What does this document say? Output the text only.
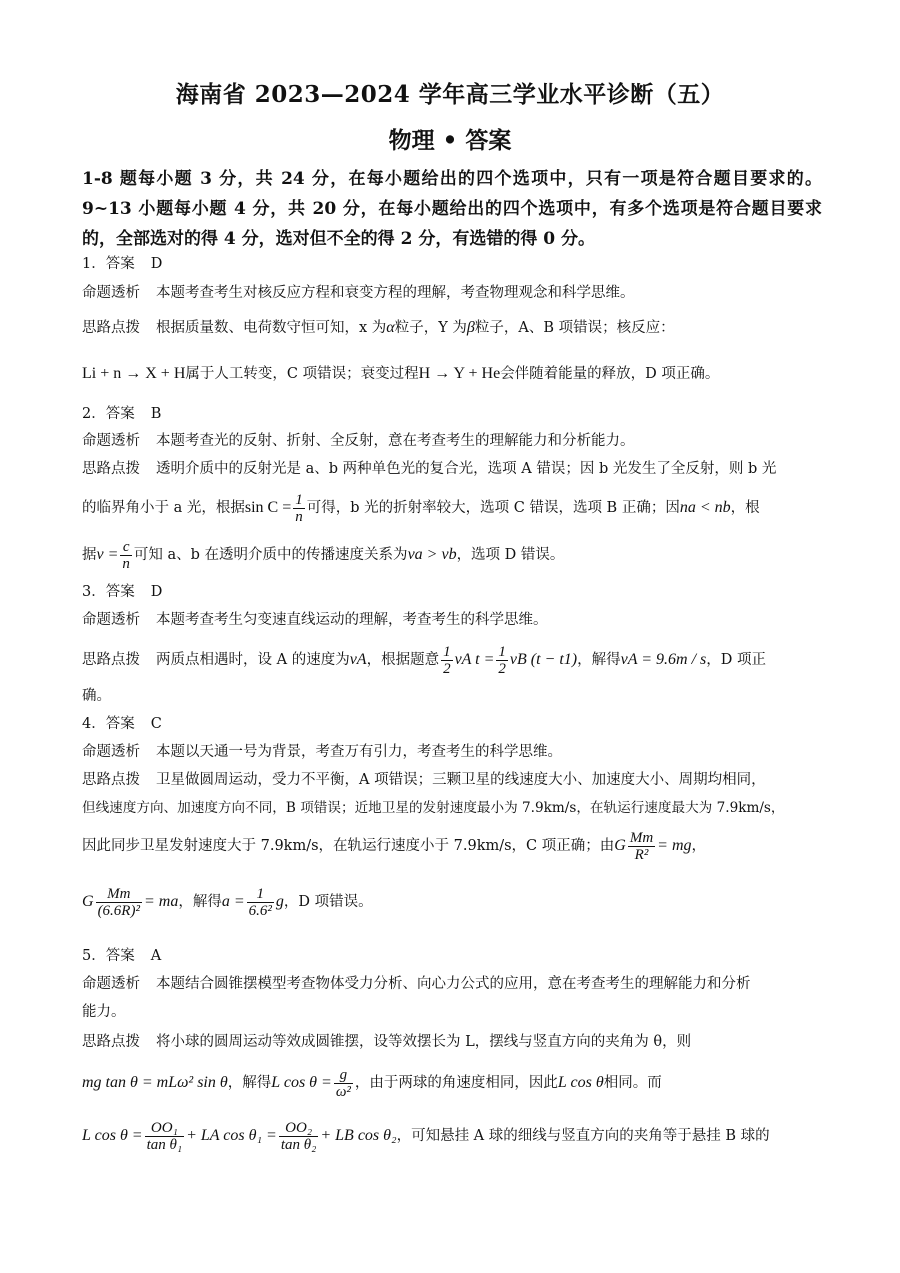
海南省 2023—2024 学年高三学业水平诊断（五）
物理 • 答案

1-8 题每小题 3 分，共 24 分，在每小题给出的四个选项中，只有一项是符合题目要求的。9~13 小题每小题 4 分，共 20 分，在每小题给出的四个选项中，有多个选项是符合题目要求的，全部选对的得 4 分，选对但不全的得 2 分，有选错的得 0 分。

1．答案 D
命题透析 本题考查考生对核反应方程和衰变方程的理解，考查物理观念和科学思维。
思路点拨 根据质量数、电荷数守恒可知，x 为α粒子，Y 为β粒子，A、B 项错误；核反应：
Li + n → X + H属于人工转变，C 项错误；衰变过程H → Y + He会伴随着能量的释放，D 项正确。
2．答案 B
命题透析 本题考查光的反射、折射、全反射，意在考查考生的理解能力和分析能力。
思路点拨 透明介质中的反射光是 a、b 两种单色光的复合光，选项 A 错误；因 b 光发生了全反射，则 b 光
的临界角小于 a 光，根据$\sin C = \frac{1}{n}$ 可得，b 光的折射率较大，选项 C 错误，选项 B 正确；因na < nb，根
据$v = \frac{c}{n}$ 可知 a、b 在透明介质中的传播速度关系为va > vb，选项 D 错误。
3．答案 D
命题透析 本题考查考生匀变速直线运动的理解，考查考生的科学思维。
思路点拨 两质点相遇时，设 A 的速度为vA，根据题意 $\frac{1}{2}$ vA $t = \frac{1}{2}$ vB (t − t1)，解得vA = 9.6m / s，D 项正
确。
4．答案 C
命题透析 本题以天通一号为背景，考查万有引力，考查考生的科学思维。
思路点拨 卫星做圆周运动，受力不平衡，A 项错误；三颗卫星的线速度大小、加速度大小、周期均相同，
但线速度方向、加速度方向不同，B 项错误；近地卫星的发射速度最小为 7.9km/s，在轨运行速度最大为 7.9km/s，
因此同步卫星发射速度大于 7.9km/s，在轨运行速度小于 7.9km/s，C 项正确；由G $\frac{Mm}{\text{R²}}$ = mg，
G $\frac{Mm}{\text{(6.6R)²}}$ = ma，解得$a = \frac{1}{\text{6.6²}}$ g，D 项错误。
5．答案 A
命题透析 本题结合圆锥摆模型考查物体受力分析、向心力公式的应用，意在考查考生的理解能力和分析
能力。
思路点拨 将小球的圆周运动等效成圆锥摆，设等效摆长为 L，摆线与竖直方向的夹角为 θ，则
mg tan θ = mLω² sin θ，解得L $\cos \theta = \frac{g}{\text{ω²}}$ ，由于两球的角速度相同，因此L cos θ相同。而
L $\cos \theta = \frac{\text{OO₁}}{\text{tan θ₁}}$ + LA $\cos \theta_1 = \frac{\text{OO₂}}{\text{tan θ₂}}$ + LB cos θ₂，可知悬挂 A 球的细线与竖直方向的夹角等于悬挂 B 球的
